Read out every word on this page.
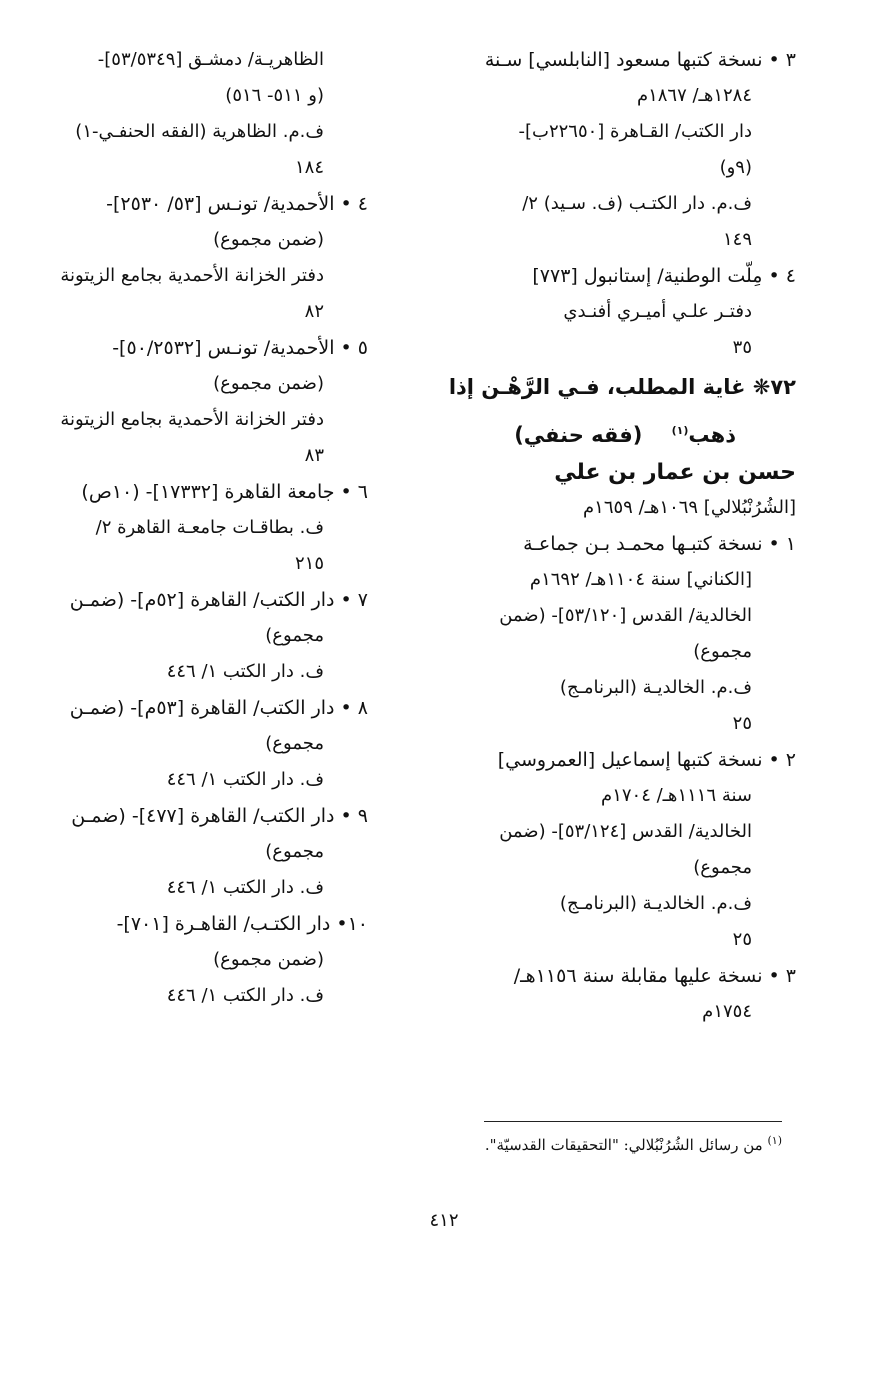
٣ • نسخة كتبها مسعود [النابلسي] سـنة
١٢٨٤هـ/ ١٨٦٧م
دار الكتب/ القـاهرة [٢٢٦٥٠ب]-
(٩و)
ف.م. دار الكتـب (ف. سـيد) ٢/
١٤٩
٤ • مِلّت الوطنية/ إستانبول [٧٧٣]
دفتـر علـي أميـري أفنـدي
٣٥
٧٢❋ غاية المطلب، فـي الرَّهْـن إذا
ذهب$^{(١)}$    (فقه حنفي)
حسن بن عمار بن علي
[الشُرُنْبُلالي] ١٠٦٩هـ/ ١٦٥٩م
١ • نسخة كتبـها محمـد بـن جماعـة
[الكناني] سنة ١١٠٤هـ/ ١٦٩٢م
الخالدية/ القدس [٥٣/١٢٠]- (ضمن
مجموع)
ف.م. الخالديـة (البرنامـج)
٢٥
٢ • نسخة كتبها إسماعيل [العمروسي]
سنة ١١١٦هـ/ ١٧٠٤م
الخالدية/ القدس [٥٣/١٢٤]- (ضمن
مجموع)
ف.م. الخالديـة (البرنامـج)
٢٥
٣ • نسخة عليها مقابلة سنة ١١٥٦هـ/
١٧٥٤م
الظاهريـة/ دمشـق [٥٣/٥٣٤٩]-
(و ٥١١- ٥١٦)
ف.م. الظاهرية (الفقه الحنفـي-١)
١٨٤
٤ • الأحمدية/ تونـس [٥٣/ ٢٥٣٠]-
(ضمن مجموع)
دفتر الخزانة الأحمدية بجامع الزيتونة
٨٢
٥ • الأحمدية/ تونـس [٥٠/٢٥٣٢]-
(ضمن مجموع)
دفتر الخزانة الأحمدية بجامع الزيتونة
٨٣
٦ • جامعة القاهرة [١٧٣٣٢]- (١٠ص)
ف. بطاقـات جامعـة القاهرة ٢/
٢١٥
٧ • دار الكتب/ القاهرة [٥٢م]- (ضمـن
مجموع)
ف. دار الكتب ١/ ٤٤٦
٨ • دار الكتب/ القاهرة [٥٣م]- (ضمـن
مجموع)
ف. دار الكتب ١/ ٤٤٦
٩ • دار الكتب/ القاهرة [٤٧٧]- (ضمـن
مجموع)
ف. دار الكتب ١/ ٤٤٦
١٠• دار الكتـب/ القاهـرة [٧٠١]-
(ضمن مجموع)
ف. دار الكتب ١/ ٤٤٦
$^{(١)}$ من رسائل الشُرُنْبُلالي: "التحقيقات القدسيّة".
٤١٢
